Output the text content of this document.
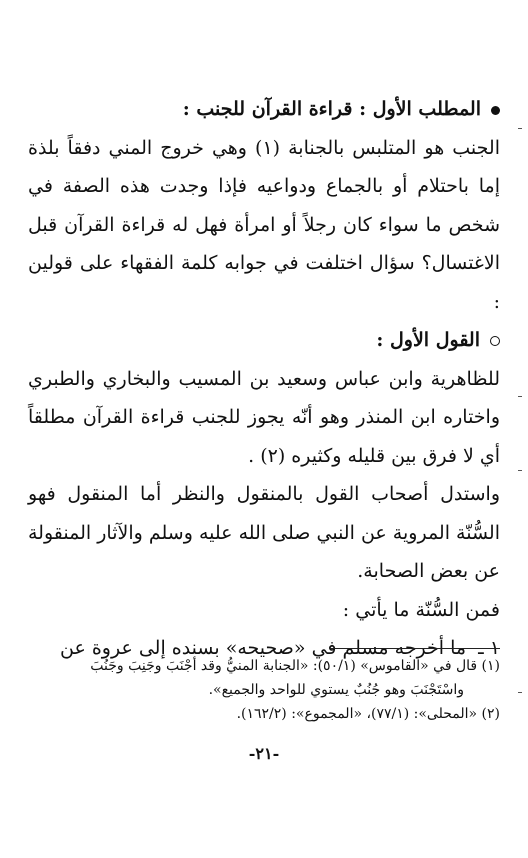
المطلب الأول : قراءة القرآن للجنب :
الجنب هو المتلبس بالجنابة (١) وهي خروج المني دفقاً بلذة إما باحتلام أو بالجماع ودواعيه فإذا وجدت هذه الصفة في شخص ما سواء كان رجلاً أو امرأة فهل له قراءة القرآن قبل الاغتسال؟ سؤال اختلفت في جوابه كلمة الفقهاء على قولين :
القول الأول :
للظاهرية وابن عباس وسعيد بن المسيب والبخاري والطبري واختاره ابن المنذر وهو أنّه يجوز للجنب قراءة القرآن مطلقاً أي لا فرق بين قليله وكثيره (٢) .
واستدل أصحاب القول بالمنقول والنظر أما المنقول فهو السُّنّة المروية عن النبي صلى الله عليه وسلم والآثار المنقولة عن بعض الصحابة.
فمن السُّنّة ما يأتي :
١ ـ  ما أخرجه مسلم في «صحيحه» بسنده إلى عروة عن
(١) قال في «القاموس» (٥٠/١): «الجنابة المنيُّ وقد أجْنَبَ وجَنِبَ وجَنُبَ
واسْتَجْنَبَ وهو جُنُبٌ يستوي للواحد والجميع».
(٢) «المحلى»: (٧٧/١)، «المجموع»: (١٦٢/٢).
-٢١-
